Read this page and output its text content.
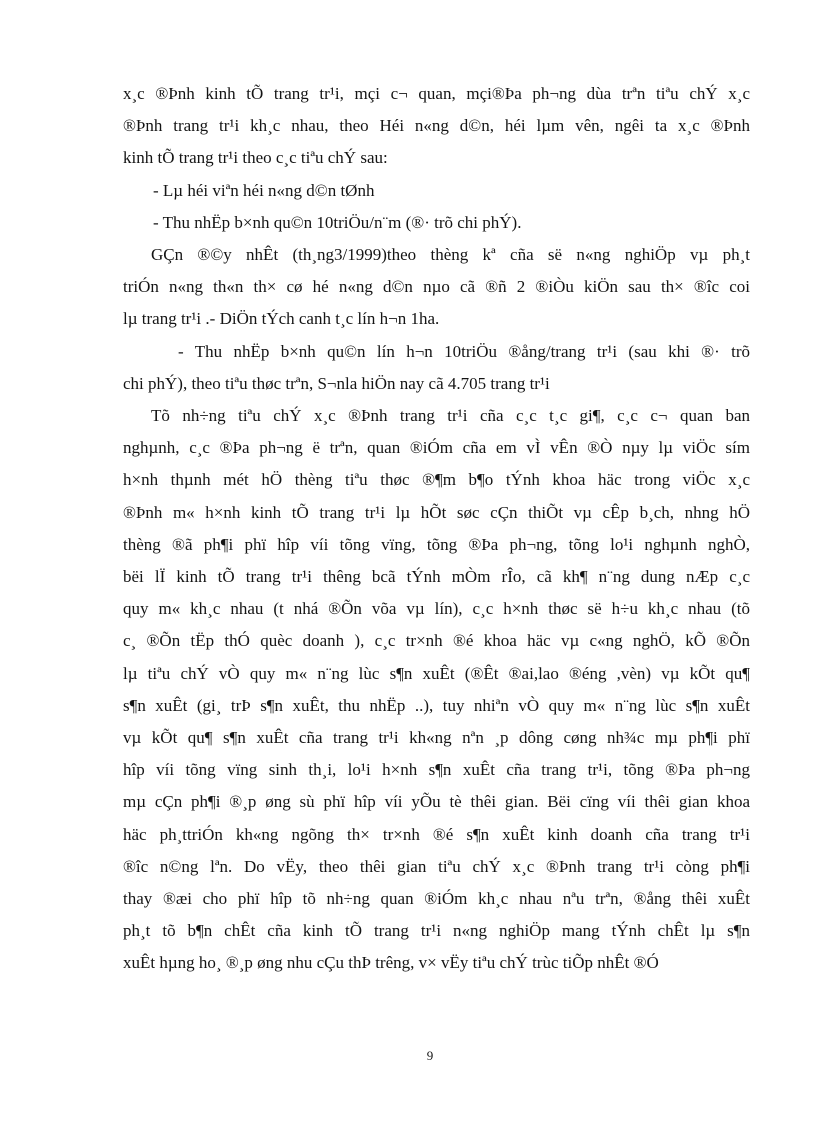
x¸c ®Þnh kinh tÕ trang tr¹i, mçi c¬ quan, mçi®Þa ph¬ng dùa trªn tiªu chÝ x¸c
®Þnh trang tr¹i kh¸c nhau, theo Héi n«ng d©n, héi lµm vên, ngêi ta x¸c ®Þnh
kinh tÕ trang tr¹i theo c¸c tiªu chÝ sau:
- Lµ héi viªn héi n«ng d©n tØnh
- Thu nhËp b×nh qu©n 10triÖu/n¨m (®· trõ chi phÝ).
GÇn ®©y nhÊt (th¸ng3/1999)theo thèng kª cña së n«ng nghiÖp vµ ph¸t
triÓn n«ng th«n th× cø hé n«ng d©n nµo cã ®ñ 2 ®iÒu kiÖn sau th× ®îc coi
lµ trang tr¹i .- DiÖn tÝch canh t¸c lín h¬n 1ha.
- Thu nhËp b×nh qu©n lín h¬n 10triÖu ®ång/trang tr¹i (sau khi ®· trõ
chi phÝ), theo tiªu thøc trªn, S¬nla hiÖn nay cã 4.705 trang tr¹i
Tõ nh÷ng tiªu chÝ x¸c ®Þnh trang tr¹i cña c¸c t¸c gi¶, c¸c c¬ quan ban
nghµnh, c¸c ®Þa ph¬ng ë trªn, quan ®iÓm cña em vÌ vÊn ®Ò nµy lµ viÖc sím
h×nh thµnh mét hÖ thèng tiªu thøc ®¶m b¶o tÝnh khoa häc trong viÖc x¸c
®Þnh m« h×nh kinh tÕ trang tr¹i lµ hÕt søc cÇn thiÕt vµ cÊp b¸ch, nhng hÖ
thèng ®ã ph¶i phï hîp víi tõng vïng, tõng ®Þa ph¬ng, tõng lo¹i nghµnh nghÒ,
bëi lÏ kinh tÕ trang tr¹i thêng bcã tÝnh mÒm rÎo, cã kh¶ n¨ng dung nÆp c¸c
quy m« kh¸c nhau (t nhá ®Õn võa vµ lín), c¸c h×nh thøc së h÷u kh¸c nhau (tõ
c¸ ®Õn tËp thÓ quèc doanh ), c¸c tr×nh ®é khoa häc vµ c«ng nghÖ, kÕ ®Õn
lµ tiªu chÝ vÒ quy m« n¨ng lùc s¶n xuÊt (®Êt ®ai,lao ®éng ,vèn) vµ kÕt qu¶
s¶n xuÊt (gi¸ trÞ s¶n xuÊt, thu nhËp ..), tuy nhiªn vÒ quy m« n¨ng lùc s¶n xuÊt
vµ kÕt qu¶ s¶n xuÊt cña trang tr¹i kh«ng nªn ¸p dông cøng nh¾c mµ ph¶i phï
hîp víi tõng vïng sinh th¸i, lo¹i h×nh s¶n xuÊt cña trang tr¹i, tõng ®Þa ph¬ng
mµ cÇn ph¶i ®¸p øng sù phï hîp víi yÕu tè thêi gian. Bëi cïng víi thêi gian khoa
häc ph¸ttriÓn kh«ng ngõng th× tr×nh ®é s¶n xuÊt kinh doanh cña trang tr¹i
®îc n©ng lªn. Do vËy, theo thêi gian tiªu chÝ x¸c ®Þnh trang tr¹i còng ph¶i
thay ®æi cho phï hîp tõ nh÷ng quan ®iÓm kh¸c nhau nªu trªn, ®ång thêi xuÊt
ph¸t tõ b¶n chÊt cña kinh tÕ trang tr¹i n«ng nghiÖp mang tÝnh chÊt lµ s¶n
xuÊt hµng ho¸ ®¸p øng nhu cÇu thÞ trêng, v× vËy tiªu chÝ trùc tiÕp nhÊt ®Ó
9
